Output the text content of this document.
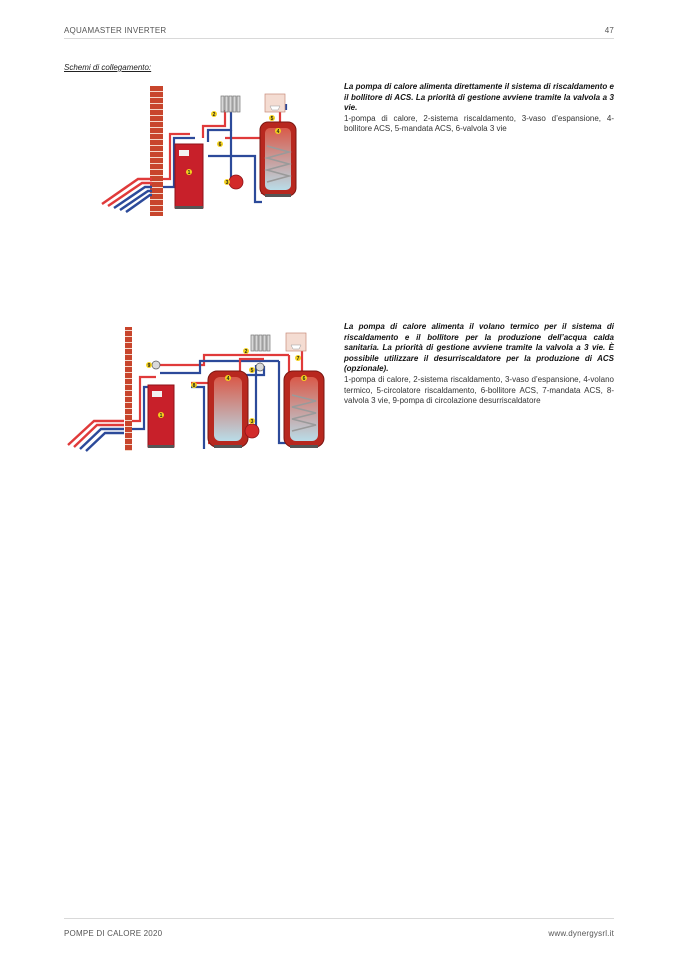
AQUAMASTER INVERTER	47
Schemi di collegamento:
1
2
3
4
5
6
La pompa di calore alimenta direttamente il sistema di riscaldamento e il bollitore di ACS. La priorità di gestione avviene tramite la valvola a 3 vie.
1-pompa di calore, 2-sistema riscaldamento, 3-vaso d’espansione, 4-bollitore ACS, 5-mandata ACS, 6-valvola 3 vie
1
2
3
4
5
6
7
8
9
La pompa di calore alimenta il volano termico per il sistema di riscaldamento e il bollitore per la produzione dell’acqua calda sanitaria. La priorità di gestione avviene tramite la valvola a 3 vie. È possibile utilizzare il desurriscaldatore per la produzione di ACS (opzionale).
1-pompa di calore, 2-sistema riscaldamento, 3-vaso d’espansione, 4-volano termico, 5-circolatore riscaldamento, 6-bollitore ACS, 7-mandata ACS, 8-valvola 3 vie, 9-pompa di circolazione desurriscaldatore
POMPE DI CALORE 2020	www.dynergysrl.it
